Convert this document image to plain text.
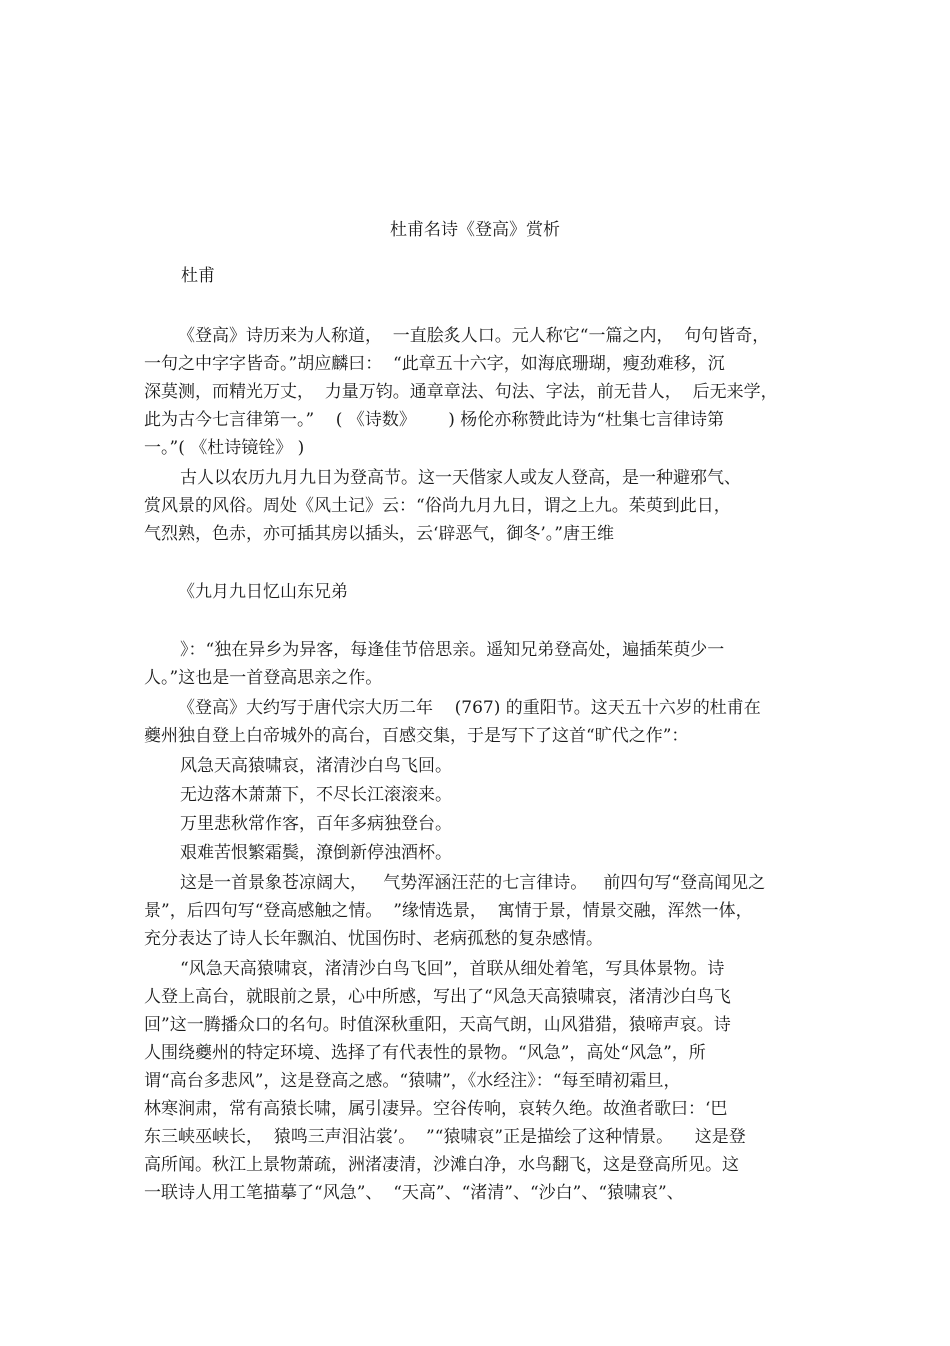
杜甫名诗《登高》赏析
杜甫
《登高》诗历来为人称道，  一直脍炙人口。元人称它“一篇之内，  句句皆奇，
一句之中字字皆奇。”胡应麟曰：  “此章五十六字，如海底珊瑚，瘦劲难移，沉
深莫测，而精光万丈，  力量万钧。通章章法、句法、字法，前无昔人，  后无来学，
此为古今七言律第一。”    ( 《诗数》      ) 杨伦亦称赞此诗为“杜集七言律诗第
一。”( 《杜诗镜铨》 )
古人以农历九月九日为登高节。这一天偕家人或友人登高，是一种避邪气、
赏风景的风俗。周处《风土记》云：“俗尚九月九日，谓之上九。茱萸到此日，
气烈熟，色赤，亦可插其房以插头，云‘辟恶气，御冬’。”唐王维
《九月九日忆山东兄弟
》：“独在异乡为异客，每逢佳节倍思亲。遥知兄弟登高处，遍插茱萸少一
人。”这也是一首登高思亲之作。
《登高》大约写于唐代宗大历二年    (767) 的重阳节。这天五十六岁的杜甫在
夔州独自登上白帝城外的高台，百感交集，于是写下了这首“旷代之作”：
风急天高猿啸哀，渚清沙白鸟飞回。
无边落木萧萧下，不尽长江滚滚来。
万里悲秋常作客，百年多病独登台。
艰难苦恨繁霜鬓，潦倒新停浊酒杯。
这是一首景象苍凉阔大，   气势浑涵汪茫的七言律诗。   前四句写“登高闻见之
景”，后四句写“登高感触之情。  ”缘情选景，  寓情于景，情景交融，浑然一体，
充分表达了诗人长年飘泊、忧国伤时、老病孤愁的复杂感情。
“风急天高猿啸哀，渚清沙白鸟飞回”，首联从细处着笔，写具体景物。诗
人登上高台，就眼前之景，心中所感，写出了“风急天高猿啸哀，渚清沙白鸟飞
回”这一腾播众口的名句。时值深秋重阳，天高气朗，山风猎猎，猿啼声哀。诗
人围绕夔州的特定环境、选择了有代表性的景物。“风急”，高处“风急”，所
谓“高台多悲风”，这是登高之感。“猿啸”，《水经注》：“每至晴初霜旦，
林寒涧肃，常有高猿长啸，属引凄异。空谷传响，哀转久绝。故渔者歌曰：‘巴
东三峡巫峡长，  猿鸣三声泪沾裳’。  ”“猿啸哀”正是描绘了这种情景。    这是登
高所闻。秋江上景物萧疏，洲渚凄清，沙滩白净，水鸟翻飞，这是登高所见。这
一联诗人用工笔描摹了“风急”、  “天高”、“渚清”、“沙白”、“猿啸哀”、
